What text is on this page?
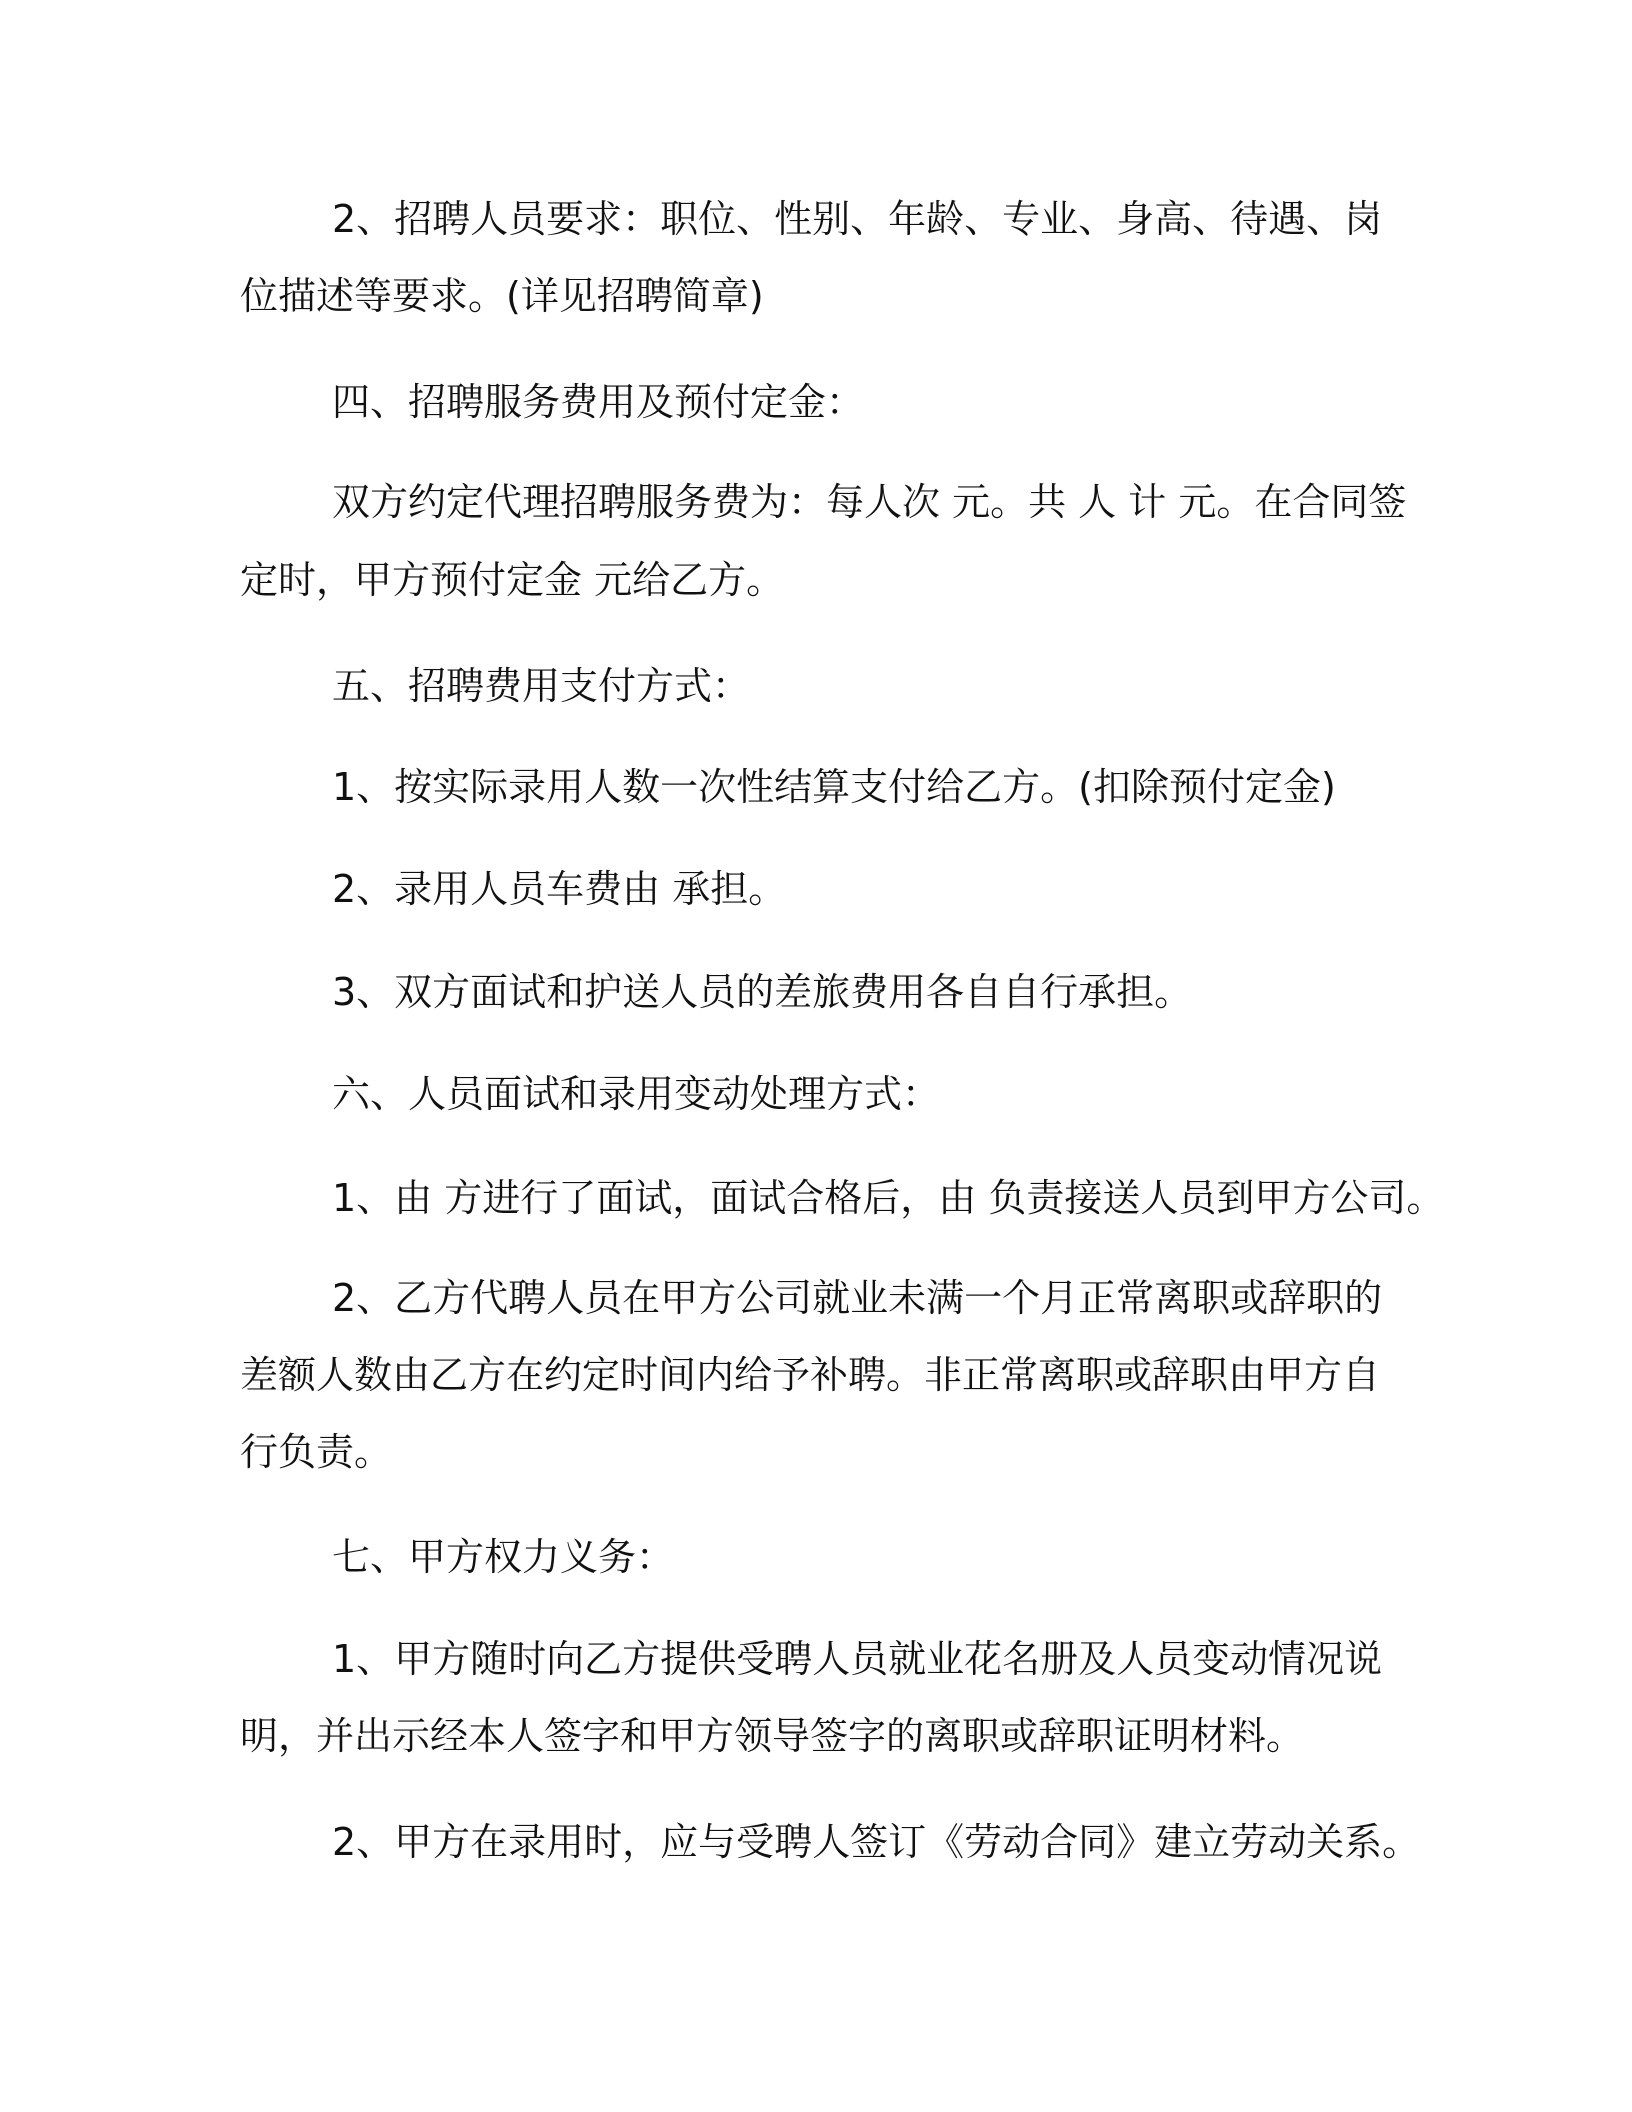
2、招聘人员要求：职位、性别、年龄、专业、身高、待遇、岗
位描述等要求。(详见招聘简章)
四、招聘服务费用及预付定金：
双方约定代理招聘服务费为：每人次 元。共 人 计 元。在合同签
定时，甲方预付定金 元给乙方。
五、招聘费用支付方式：
1、按实际录用人数一次性结算支付给乙方。(扣除预付定金)
2、录用人员车费由 承担。
3、双方面试和护送人员的差旅费用各自自行承担。
六、人员面试和录用变动处理方式：
1、由 方进行了面试，面试合格后，由 负责接送人员到甲方公司。
2、乙方代聘人员在甲方公司就业未满一个月正常离职或辞职的
差额人数由乙方在约定时间内给予补聘。非正常离职或辞职由甲方自
行负责。
七、甲方权力义务：
1、甲方随时向乙方提供受聘人员就业花名册及人员变动情况说
明，并出示经本人签字和甲方领导签字的离职或辞职证明材料。
2、甲方在录用时，应与受聘人签订《劳动合同》建立劳动关系。
